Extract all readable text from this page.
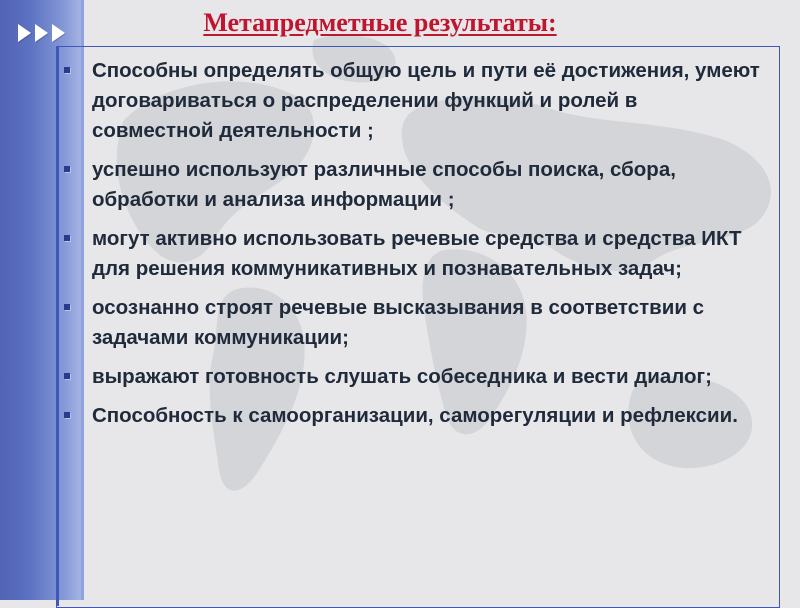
Метапредметные результаты:
Способны определять общую цель и пути её достижения, умеют договариваться о распределении функций и ролей в совместной деятельности ;
успешно используют различные способы поиска, сбора, обработки и анализа информации ;
могут активно использовать речевые средства и средства ИКТ для решения коммуникативных и познавательных задач;
осознанно строят речевые высказывания в соответствии с задачами коммуникации;
выражают готовность слушать собеседника и вести диалог;
Способность к самоорганизации, саморегуляции и рефлексии.
